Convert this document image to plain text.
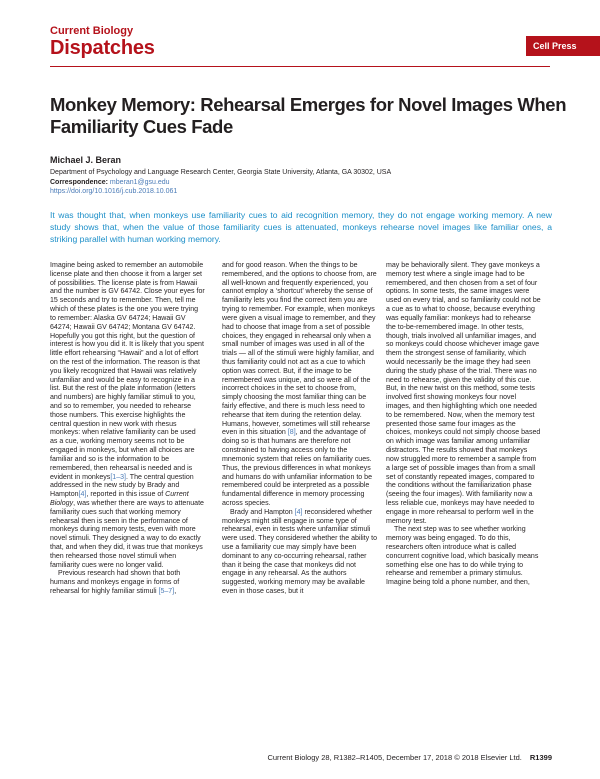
Current Biology
Dispatches	Cell Press
Monkey Memory: Rehearsal Emerges for Novel Images When Familiarity Cues Fade
Michael J. Beran
Department of Psychology and Language Research Center, Georgia State University, Atlanta, GA 30302, USA
Correspondence: mberan1@gsu.edu
https://doi.org/10.1016/j.cub.2018.10.061
It was thought that, when monkeys use familiarity cues to aid recognition memory, they do not engage working memory. A new study shows that, when the value of those familiarity cues is attenuated, monkeys rehearse novel images like familiar ones, a striking parallel with human working memory.

Imagine being asked to remember an automobile license plate and then choose it from a larger set of possibilities. The license plate is from Hawaii and the number is GV 64742. Close your eyes for 15 seconds and try to remember. Then, tell me which of these plates is the one you were trying to remember: Alaska GV 64724; Hawaii GV 64274; Hawaii GV 64742; Montana GV 64742. Hopefully you got this right, but the question of interest is how you did it. It is likely that you spent little effort rehearsing “Hawaii” and a lot of effort on the rest of the information. The reason is that you likely recognized that Hawaii was relatively unfamiliar and would be easy to recognize in a list. But the rest of the plate information (letters and numbers) are highly familiar stimuli to you, and so to remember, you needed to rehearse those numbers. This exercise highlights the central question in new work with rhesus monkeys: when relative familiarity can be used as a cue, working memory seems not to be engaged in monkeys, but when all choices are familiar and so is the information to be remembered, then rehearsal is needed and is evident in monkeys[1–3]. The central question addressed in the new study by Brady and Hampton[4], reported in this issue of Current Biology, was whether there are ways to attenuate familiarity cues such that working memory rehearsal then is seen in the performance of monkeys during memory tests, even with more novel stimuli. They designed a way to do exactly that, and when they did, it was true that monkeys then rehearsed those novel stimuli when familiarity cues were no longer valid.

Previous research had shown that both humans and monkeys engage in forms of rehearsal for highly familiar stimuli [5–7],

and for good reason. When the things to be remembered, and the options to choose from, are all well-known and frequently experienced, you cannot employ a ‘shortcut’ whereby the sense of familiarity lets you find the correct item you are trying to remember. For example, when monkeys were given a visual image to remember, and they had to choose that image from a set of possible choices, they engaged in rehearsal only when a small number of images was used in all of the trials — all of the stimuli were highly familiar, and thus familiarity could not act as a cue to which option was correct. But, if the image to be remembered was unique, and so were all of the incorrect choices in the set to choose from, simply choosing the most familiar thing can be fairly effective, and there is much less need to rehearse that item during the retention delay. Humans, however, sometimes will still rehearse even in this situation [8], and the advantage of doing so is that humans are therefore not constrained to having access only to the mnemonic system that relies on familiarity cues. Thus, the previous differences in what monkeys and humans do with unfamiliar information to be remembered could be interpreted as a possible fundamental difference in memory processing across species.

Brady and Hampton [4] reconsidered whether monkeys might still engage in some type of rehearsal, even in tests where unfamiliar stimuli were used. They considered whether the ability to use a familiarity cue may simply have been dominant to any co-occurring rehearsal, rather than it being the case that monkeys did not engage in any rehearsal. As the authors suggested, working memory may be available even in those cases, but it

may be behaviorally silent. They gave monkeys a memory test where a single image had to be remembered, and then chosen from a set of four options. In some tests, the same images were used on every trial, and so familiarity could not be a cue as to what to choose, because everything was equally familiar: monkeys had to rehearse the to-be-remembered image. In other tests, though, trials involved all unfamiliar images, and so monkeys could choose whichever image gave them the strongest sense of familiarity, which would necessarily be the image they had seen during the study phase of the trial. There was no need to rehearse, given the validity of this cue. But, in the new twist on this method, some tests involved first showing monkeys four novel images, and then highlighting which one needed to be remembered. Now, when the memory test presented those same four images as the choices, monkeys could not simply choose based on which image was familiar among unfamiliar distractors. The results showed that monkeys now struggled more to remember a sample from a large set of possible images than from a small set of constantly repeated images, compared to the conditions without the familiarization phase (seeing the four images). With familiarity now a less reliable cue, monkeys may have needed to engage in more rehearsal to perform well in the memory test.

The next step was to see whether working memory was being engaged. To do this, researchers often introduce what is called concurrent cognitive load, which basically means something else one has to do while trying to rehearse and remember a primary stimulus. Imagine being told a phone number, and then,

Current Biology 28, R1382–R1405, December 17, 2018 © 2018 Elsevier Ltd. R1399
